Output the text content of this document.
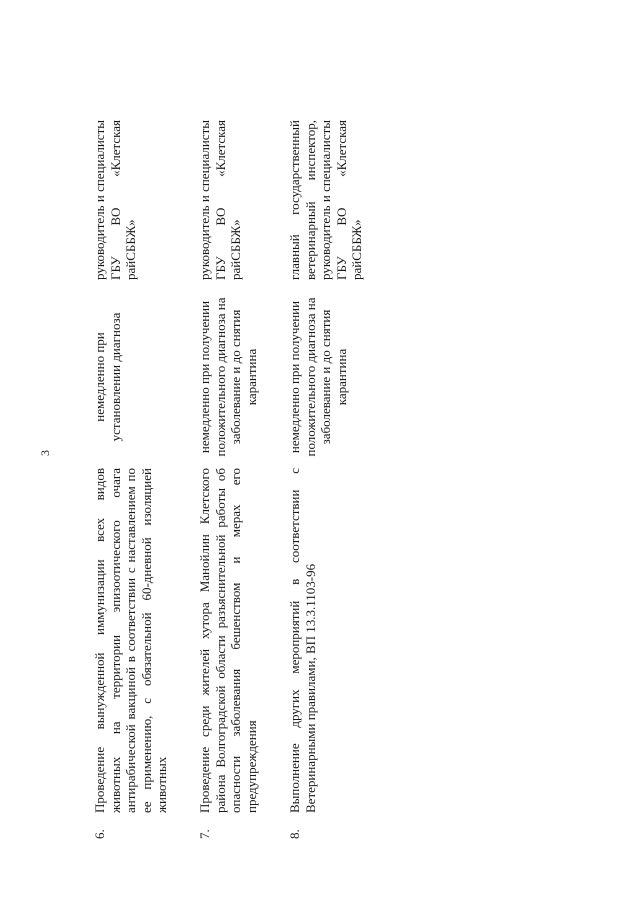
3
6.
Проведение вынужденной иммунизации всех видов животных на территории эпизоотического очага антирабической вакциной в соответствии с наставлением по ее применению, с обязательной 60-дневной изоляцией животных
немедленно при установлении диагноза
руководитель и специалисты ГБУ ВО «Клетская райСББЖ»
7.
Проведение среди жителей хутора Манойлин Клетского района Волгоградской области разъяснительной работы об опасности заболевания бешенством и мерах его предупреждения
немедленно при получении положительного диагноза на заболевание и до снятия карантина
руководитель и специалисты ГБУ ВО «Клетская райСББЖ»
8.
Выполнение других мероприятий в соответствии с Ветеринарными правилами, ВП 13.3.1103-96
немедленно при получении положительного диагноза на заболевание и до снятия карантина
главный государственный ветеринарный инспектор, руководитель и специалисты ГБУ ВО «Клетская райСББЖ»
